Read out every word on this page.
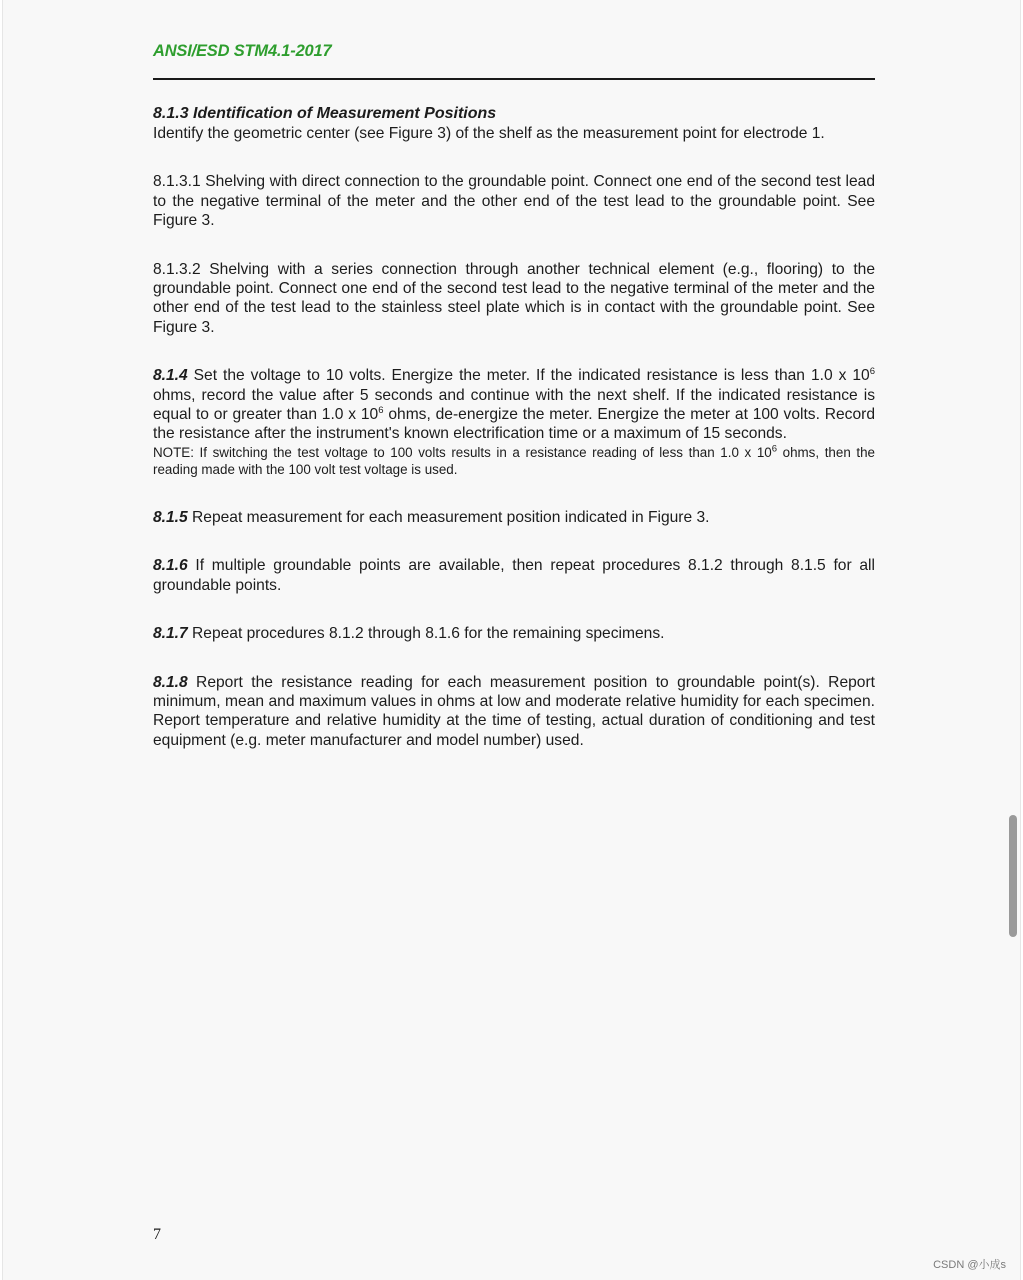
ANSI/ESD STM4.1-2017
8.1.3 Identification of Measurement Positions

Identify the geometric center (see Figure 3) of the shelf as the measurement point for electrode 1.

8.1.3.1 Shelving with direct connection to the groundable point. Connect one end of the second test lead to the negative terminal of the meter and the other end of the test lead to the groundable point. See Figure 3.

8.1.3.2 Shelving with a series connection through another technical element (e.g., flooring) to the groundable point. Connect one end of the second test lead to the negative terminal of the meter and the other end of the test lead to the stainless steel plate which is in contact with the groundable point. See Figure 3.

8.1.4 Set the voltage to 10 volts. Energize the meter. If the indicated resistance is less than 1.0 x $10^6$ ohms, record the value after 5 seconds and continue with the next shelf. If the indicated resistance is equal to or greater than 1.0 x $10^6$ ohms, de-energize the meter. Energize the meter at 100 volts. Record the resistance after the instrument's known electrification time or a maximum of 15 seconds.

NOTE: If switching the test voltage to 100 volts results in a resistance reading of less than 1.0 x $10^6$ ohms, then the reading made with the 100 volt test voltage is used.

8.1.5 Repeat measurement for each measurement position indicated in Figure 3.

8.1.6 If multiple groundable points are available, then repeat procedures 8.1.2 through 8.1.5 for all groundable points.

8.1.7 Repeat procedures 8.1.2 through 8.1.6 for the remaining specimens.

8.1.8 Report the resistance reading for each measurement position to groundable point(s). Report minimum, mean and maximum values in ohms at low and moderate relative humidity for each specimen. Report temperature and relative humidity at the time of testing, actual duration of conditioning and test equipment (e.g. meter manufacturer and model number) used.

7
CSDN @小成s
